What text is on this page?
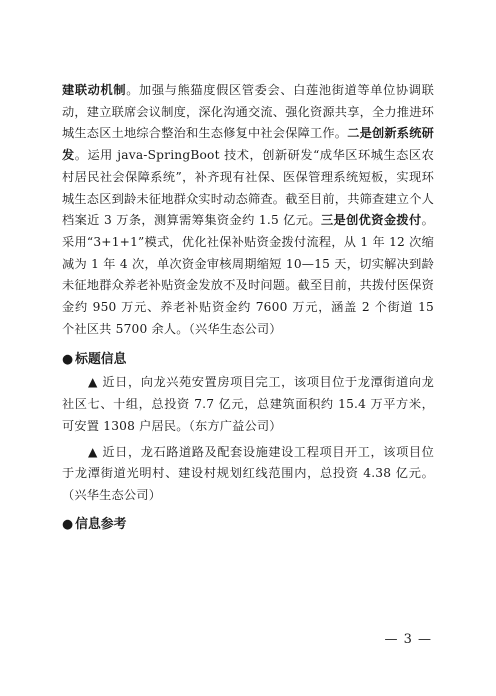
建联动机制。加强与熊猫度假区管委会、白莲池街道等单位协调联动，建立联席会议制度，深化沟通交流、强化资源共享，全力推进环城生态区土地综合整治和生态修复中社会保障工作。二是创新系统研发。运用 java-SpringBoot 技术，创新研发“成华区环城生态区农村居民社会保障系统”，补齐现有社保、医保管理系统短板，实现环城生态区到龄未征地群众实时动态筛查。截至目前，共筛查建立个人档案近 3 万条，测算需筹集资金约 1.5 亿元。三是创优资金拨付。采用“3+1+1”模式，优化社保补贴资金拨付流程，从 1 年 12 次缩减为 1 年 4 次，单次资金审核周期缩短 10—15 天，切实解决到龄未征地群众养老补贴资金发放不及时问题。截至目前，共拨付医保资金约 950 万元、养老补贴资金约 7600 万元，涵盖 2 个街道 15 个社区共 5700 余人。（兴华生态公司）

● 标题信息

▲ 近日，向龙兴苑安置房项目完工，该项目位于龙潭街道向龙社区七、十组，总投资 7.7 亿元，总建筑面积约 15.4 万平方米，可安置 1308 户居民。（东方广益公司）

▲ 近日，龙石路道路及配套设施建设工程项目开工，该项目位于龙潭街道光明村、建设村规划红线范围内，总投资 4.38 亿元。（兴华生态公司）

● 信息参考
— 3 —
